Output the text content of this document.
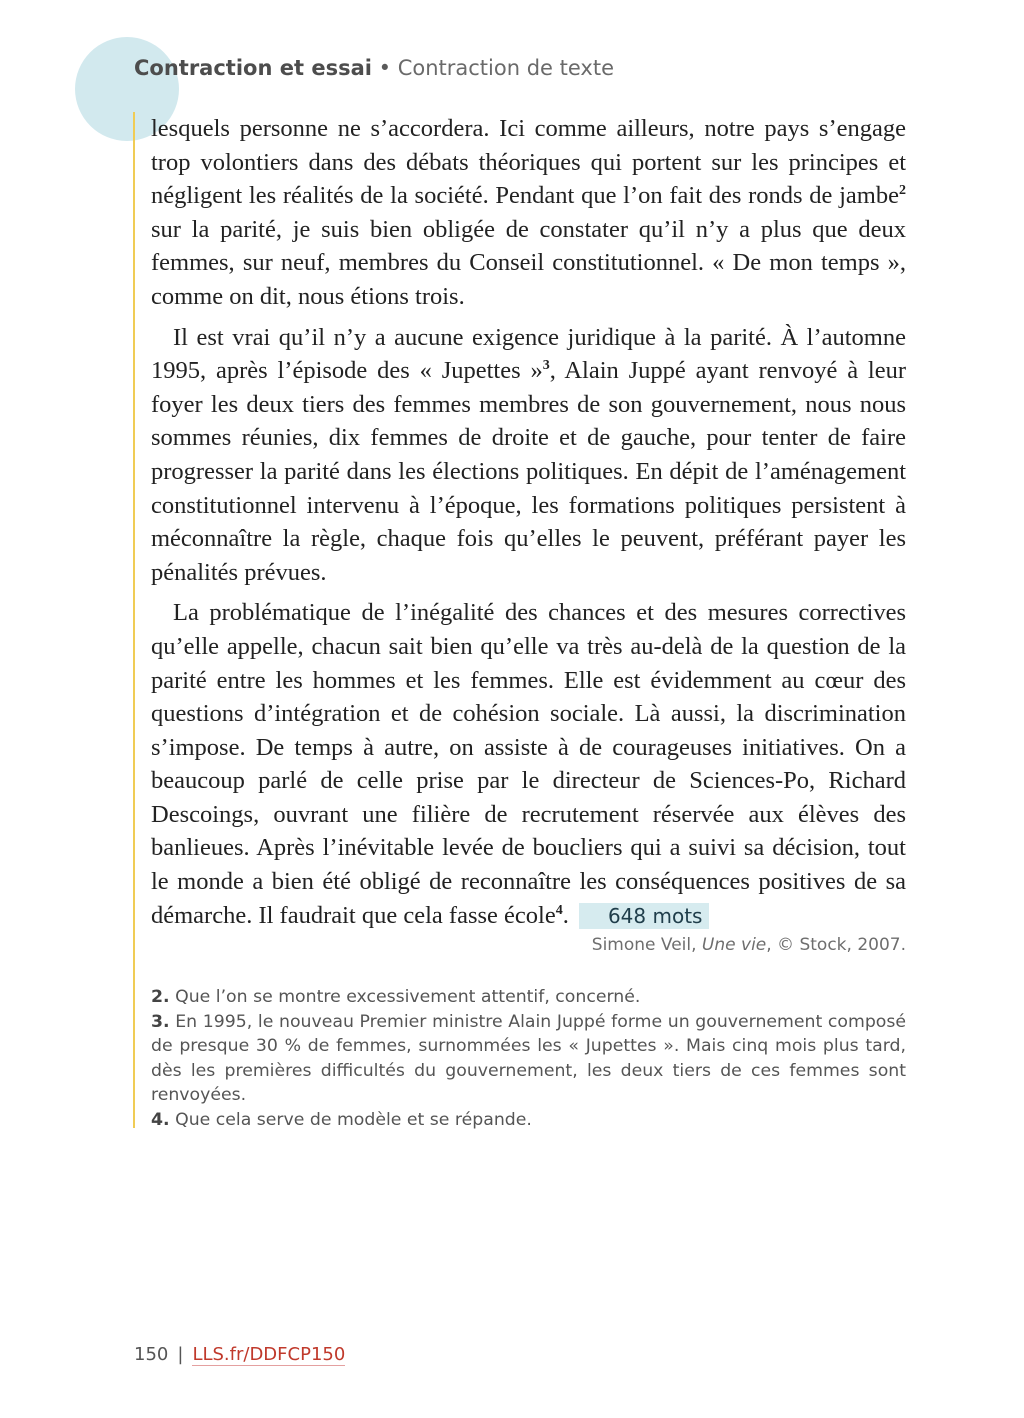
Contraction et essai • Contraction de texte

lesquels personne ne s’accordera. Ici comme ailleurs, notre pays s’engage trop volontiers dans des débats théoriques qui portent sur les principes et négligent les réalités de la société. Pendant que l’on fait des ronds de jambe$^2$ sur la parité, je suis bien obligée de constater qu’il n’y a plus que deux femmes, sur neuf, membres du Conseil constitutionnel. « De mon temps », comme on dit, nous étions trois.

Il est vrai qu’il n’y a aucune exigence juridique à la parité. À l’automne 1995, après l’épisode des « Jupettes »$^3$, Alain Juppé ayant renvoyé à leur foyer les deux tiers des femmes membres de son gouvernement, nous nous sommes réunies, dix femmes de droite et de gauche, pour tenter de faire progresser la parité dans les élections politiques. En dépit de l’aménagement constitutionnel intervenu à l’époque, les formations politiques persistent à méconnaître la règle, chaque fois qu’elles le peuvent, préférant payer les pénalités prévues.

La problématique de l’inégalité des chances et des mesures correctives qu’elle appelle, chacun sait bien qu’elle va très au-delà de la question de la parité entre les hommes et les femmes. Elle est évidemment au cœur des questions d’intégration et de cohésion sociale. Là aussi, la discrimination s’impose. De temps à autre, on assiste à de courageuses initiatives. On a beaucoup parlé de celle prise par le directeur de Sciences-Po, Richard Descoings, ouvrant une filière de recrutement réservée aux élèves des banlieues. Après l’inévitable levée de boucliers qui a suivi sa décision, tout le monde a bien été obligé de reconnaître les conséquences positives de sa démarche. Il faudrait que cela fasse école$^4$. 648 mots

Simone Veil, Une vie, © Stock, 2007.

2. Que l’on se montre excessivement attentif, concerné.

3. En 1995, le nouveau Premier ministre Alain Juppé forme un gouvernement composé de presque 30 % de femmes, surnommées les « Jupettes ». Mais cinq mois plus tard, dès les premières difficultés du gouvernement, les deux tiers de ces femmes sont renvoyées.

4. Que cela serve de modèle et se répande.

150 | LLS.fr/DDFCP150
